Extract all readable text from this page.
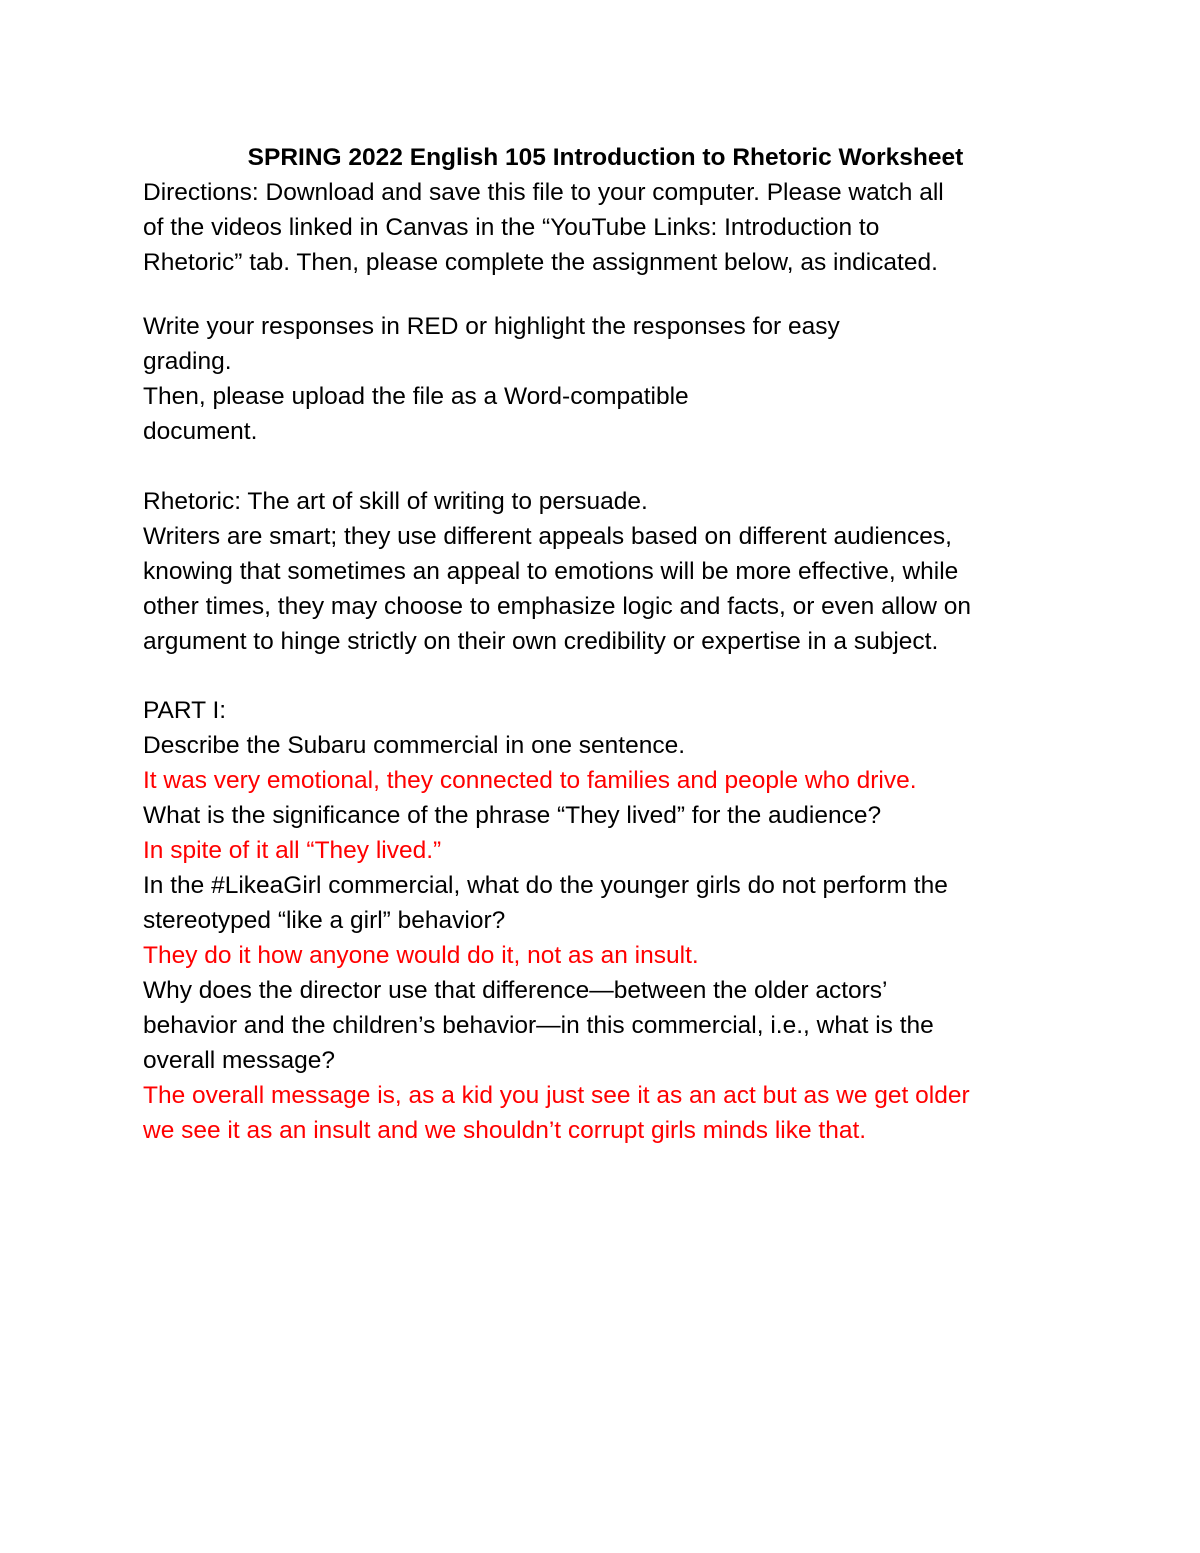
SPRING 2022 English 105 Introduction to Rhetoric Worksheet

Directions: Download and save this file to your computer. Please watch all

of the videos linked in Canvas in the “YouTube Links: Introduction to

Rhetoric” tab. Then, please complete the assignment below, as indicated.

Write your responses in RED or highlight the responses for easy

grading.

Then, please upload the file as a Word-compatible

document.

Rhetoric: The art of skill of writing to persuade.

Writers are smart; they use different appeals based on different audiences,

knowing that sometimes an appeal to emotions will be more effective, while

other times, they may choose to emphasize logic and facts, or even allow on

argument to hinge strictly on their own credibility or expertise in a subject.

PART I:

Describe the Subaru commercial in one sentence.

It was very emotional, they connected to families and people who drive.

What is the significance of the phrase “They lived” for the audience?

In spite of it all “They lived.”

In the #LikeaGirl commercial, what do the younger girls do not perform the

stereotyped “like a girl” behavior?

They do it how anyone would do it, not as an insult.

Why does the director use that difference—between the older actors’

behavior and the children’s behavior—in this commercial, i.e., what is the

overall message?

The overall message is, as a kid you just see it as an act but as we get older

we see it as an insult and we shouldn’t corrupt girls minds like that.
